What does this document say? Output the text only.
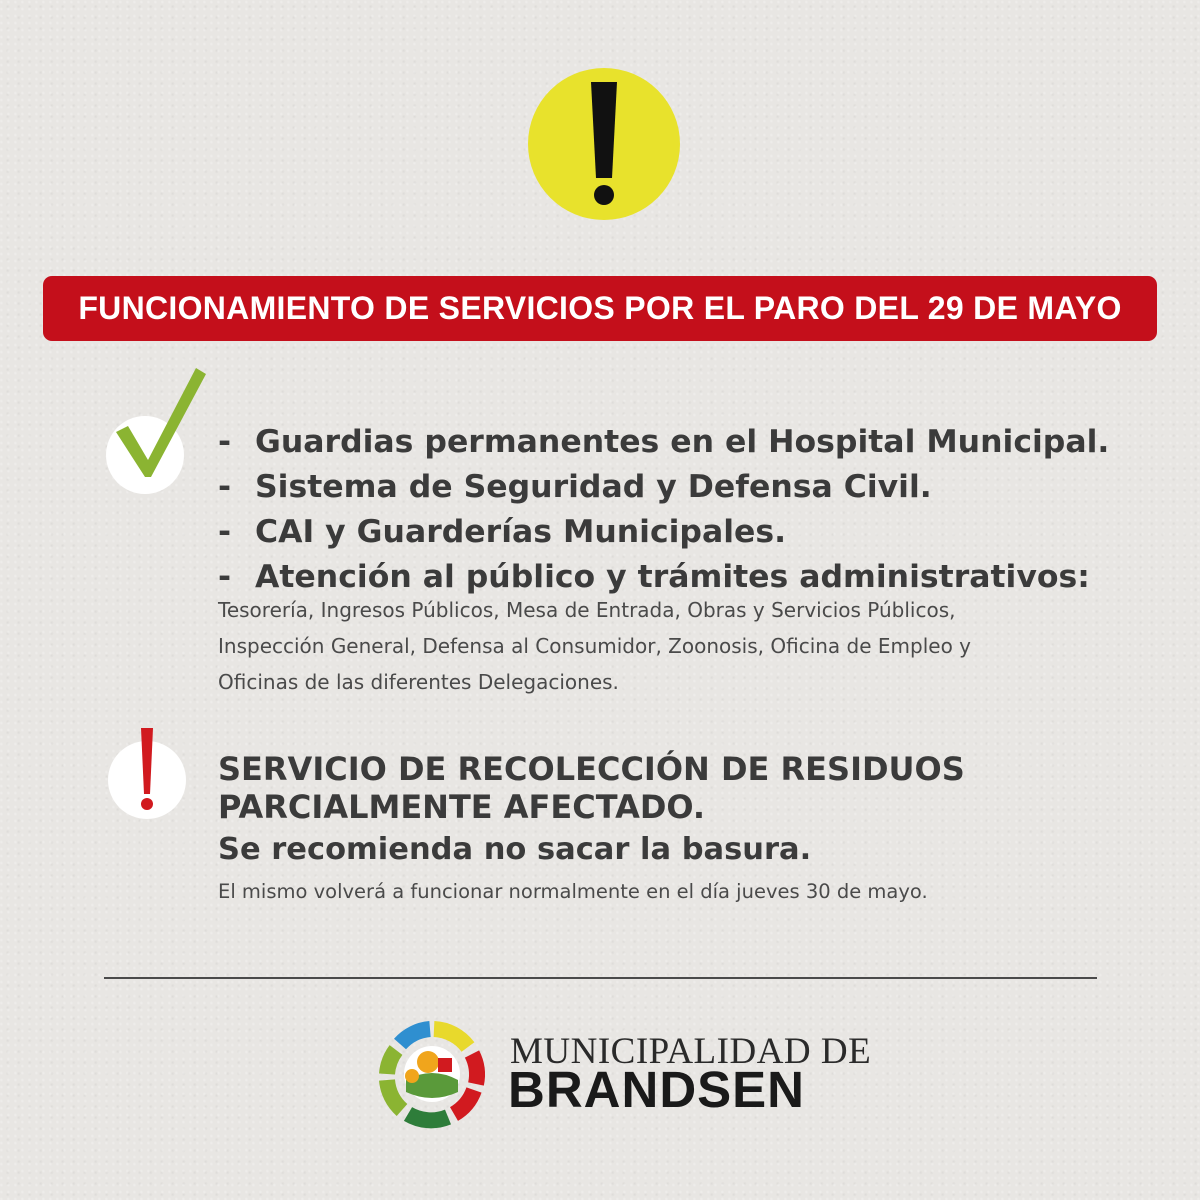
FUNCIONAMIENTO DE SERVICIOS POR EL PARO DEL 29 DE MAYO
- Guardias permanentes en el Hospital Municipal.
- Sistema de Seguridad y Defensa Civil.
- CAI y Guarderías Municipales.
- Atención al público y trámites administrativos:
Tesorería, Ingresos Públicos, Mesa de Entrada, Obras y Servicios Públicos,
Inspección General, Defensa al Consumidor, Zoonosis, Oficina de Empleo y
Oficinas de las diferentes Delegaciones.
SERVICIO DE RECOLECCIÓN DE RESIDUOS
PARCIALMENTE AFECTADO.
Se recomienda no sacar la basura.
El mismo volverá a funcionar normalmente en el día jueves 30 de mayo.
MUNICIPALIDAD DE
BRANDSEN
